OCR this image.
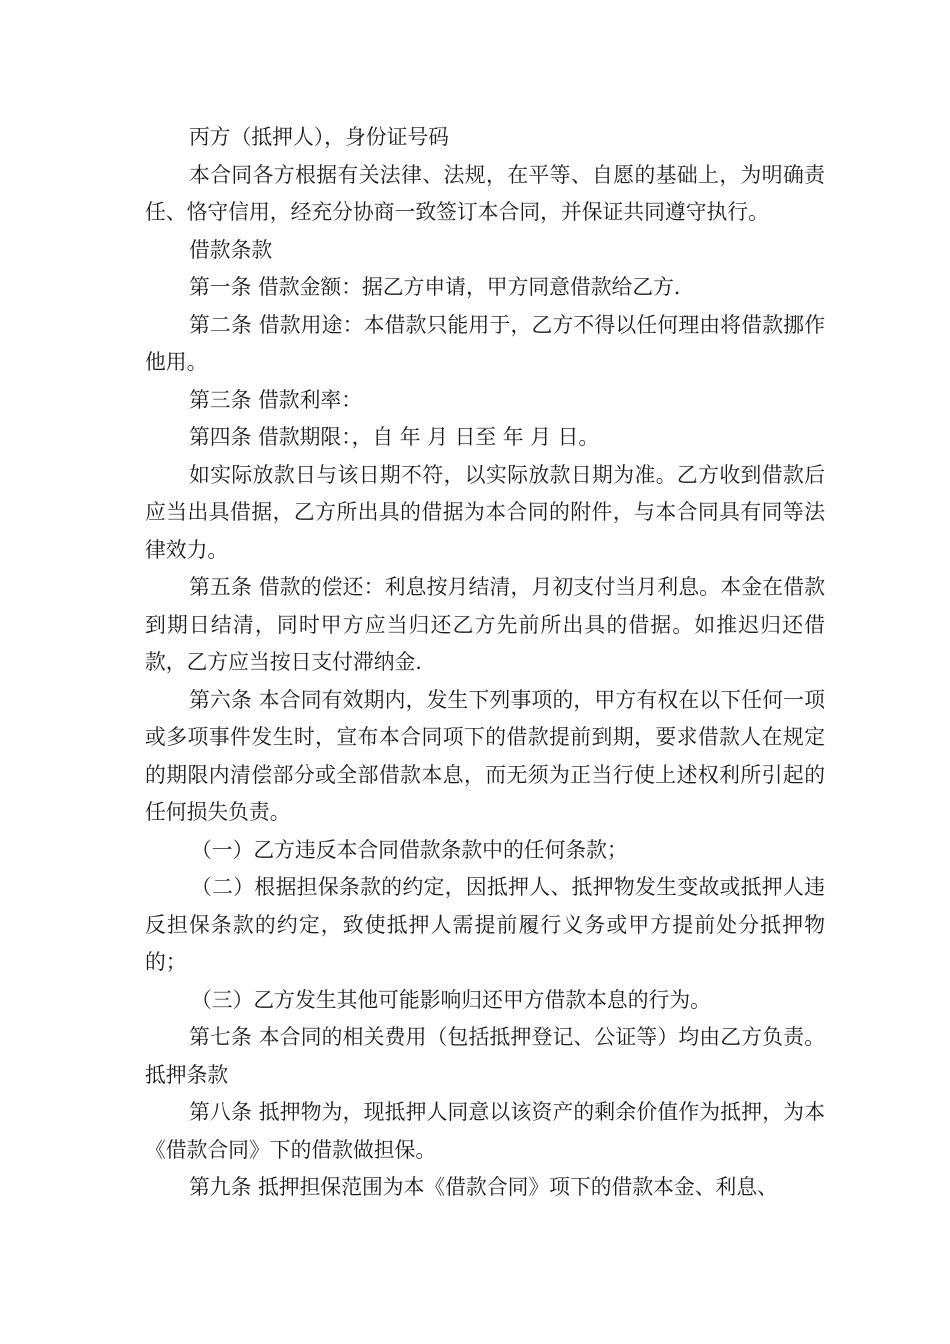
丙方（抵押人），身份证号码

本合同各方根据有关法律、法规，在平等、自愿的基础上，为明确责任、恪守信用，经充分协商一致签订本合同，并保证共同遵守执行。

借款条款

第一条 借款金额：据乙方申请，甲方同意借款给乙方．

第二条 借款用途：本借款只能用于，乙方不得以任何理由将借款挪作他用。

第三条 借款利率：

第四条 借款期限：，自 年 月 日至 年 月 日。

如实际放款日与该日期不符，以实际放款日期为准。乙方收到借款后应当出具借据，乙方所出具的借据为本合同的附件，与本合同具有同等法律效力。

第五条 借款的偿还：利息按月结清，月初支付当月利息。本金在借款到期日结清，同时甲方应当归还乙方先前所出具的借据。如推迟归还借款，乙方应当按日支付滞纳金．

第六条 本合同有效期内，发生下列事项的，甲方有权在以下任何一项或多项事件发生时，宣布本合同项下的借款提前到期，要求借款人在规定的期限内清偿部分或全部借款本息，而无须为正当行使上述权利所引起的任何损失负责。

（一）乙方违反本合同借款条款中的任何条款；

（二）根据担保条款的约定，因抵押人、抵押物发生变故或抵押人违反担保条款的约定，致使抵押人需提前履行义务或甲方提前处分抵押物的；

（三）乙方发生其他可能影响归还甲方借款本息的行为。

第七条 本合同的相关费用（包括抵押登记、公证等）均由乙方负责。抵押条款

第八条 抵押物为，现抵押人同意以该资产的剩余价值作为抵押，为本《借款合同》下的借款做担保。

第九条 抵押担保范围为本《借款合同》项下的借款本金、利息、
